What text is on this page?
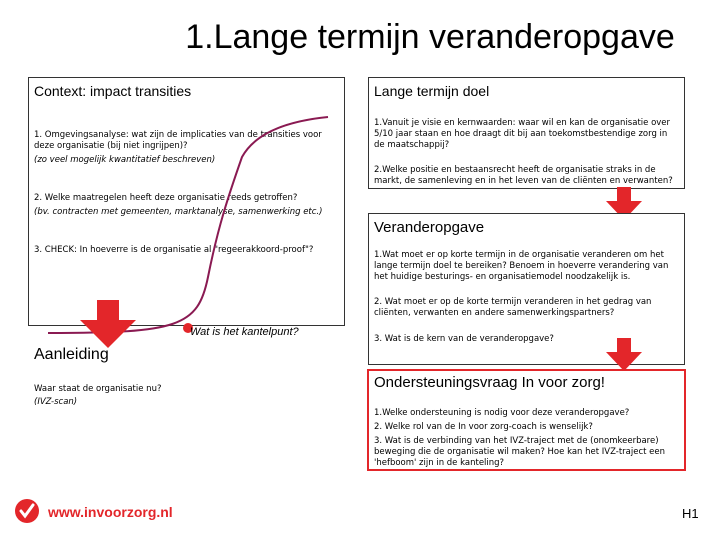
1.Lange termijn veranderopgave
Context: impact transities
1. Omgevingsanalyse: wat zijn de implicaties van de transities voor deze organisatie (bij niet ingrijpen)?
(zo veel mogelijk kwantitatief beschreven)
2. Welke maatregelen heeft deze organisatie reeds getroffen?
(bv. contracten met gemeenten, marktanalyse, samenwerking etc.)
3. CHECK: In hoeverre is de organisatie al "regeerakkoord-proof"?
Wat is het kantelpunt?
Aanleiding
Waar staat de organisatie nu?
(IVZ-scan)
Lange termijn doel
1.Vanuit je visie en kernwaarden: waar wil en kan de organisatie over 5/10 jaar staan en hoe draagt dit bij aan toekomstbestendige zorg in de maatschappij?
2.Welke positie en bestaansrecht heeft de organisatie straks in de markt, de samenleving en in het leven van de cliënten en verwanten?
Veranderopgave
1.Wat moet er op korte termijn in de organisatie veranderen om het lange termijn doel te bereiken? Benoem in hoeverre verandering van het huidige besturings- en organisatiemodel noodzakelijk is.
2. Wat moet er op de korte termijn veranderen in het gedrag van cliënten, verwanten en andere samenwerkingspartners?
3. Wat is de kern van de veranderopgave?
Ondersteuningsvraag In voor zorg!
1.Welke ondersteuning is nodig voor deze veranderopgave?
2. Welke rol van de In voor zorg-coach is wenselijk?
3. Wat is de verbinding van het IVZ-traject met de (onomkeerbare) beweging die de organisatie wil maken? Hoe kan het IVZ-traject een 'hefboom' zijn in de kanteling?
www.invoorzorg.nl	H1
